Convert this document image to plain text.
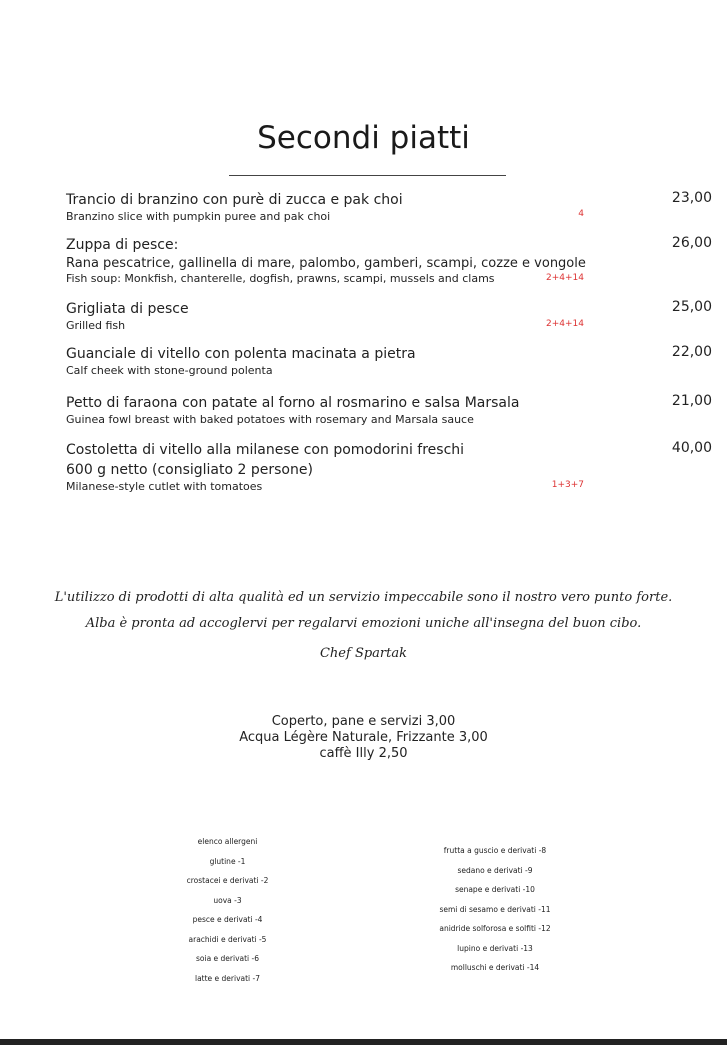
Secondi piatti
Trancio di branzino con purè di zucca e pak choi
Branzino slice with pumpkin puree and pak choi	4
23,00
Zuppa di pesce:
Rana pescatrice, gallinella di mare, palombo, gamberi, scampi, cozze e vongole
Fish soup: Monkfish, chanterelle, dogfish, prawns, scampi, mussels and clams	2+4+14
26,00
Grigliata di pesce
Grilled fish	2+4+14
25,00
Guanciale di vitello con polenta macinata a pietra
Calf cheek with stone-ground polenta
22,00
Petto di faraona con patate al forno al rosmarino e salsa Marsala
Guinea fowl breast with baked potatoes with rosemary and Marsala sauce
21,00
Costoletta di vitello alla milanese con pomodorini freschi
600 g netto (consigliato 2 persone)
Milanese-style cutlet with tomatoes	1+3+7
40,00
L'utilizzo di prodotti di alta qualità ed un servizio impeccabile sono il nostro vero punto forte.
Alba è pronta ad accoglervi per regalarvi emozioni uniche all'insegna del buon cibo.
Chef Spartak
Coperto, pane e servizi 3,00
Acqua Légère Naturale, Frizzante 3,00
caffè Illy 2,50
elenco allergeni
glutine -1
crostacei e derivati -2
uova -3
pesce e derivati -4
arachidi e derivati -5
soia e derivati -6
latte e derivati -7
frutta a guscio e derivati -8
sedano e derivati -9
senape e derivati -10
semi di sesamo e derivati -11
anidride solforosa e solfiti -12
lupino e derivati -13
molluschi e derivati -14
